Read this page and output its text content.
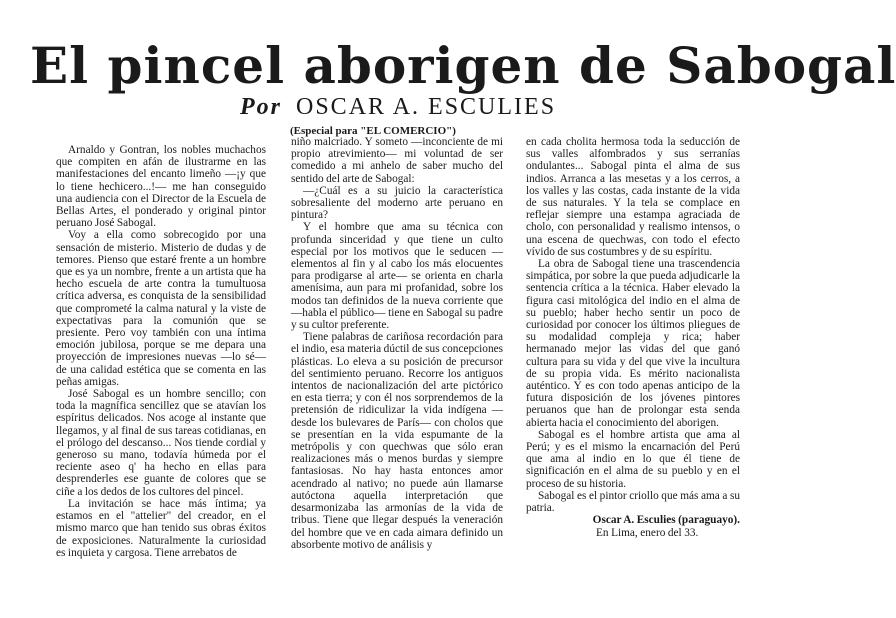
El pincel aborigen de Sabogal
Por OSCAR A. ESCULIES
(Especial para "EL COMERCIO")

Arnaldo y Gontran, los nobles muchachos que compiten en afán de ilustrarme en las manifestaciones del encanto limeño —¡y que lo tiene hechicero...!— me han conseguido una audiencia con el Director de la Escuela de Bellas Artes, el ponderado y original pintor peruano José Sabogal.

Voy a ella como sobrecogido por una sensación de misterio. Misterio de dudas y de temores. Pienso que estaré frente a un hombre que es ya un nombre, frente a un artista que ha hecho escuela de arte contra la tumultuosa crítica adversa, es conquista de la sensibilidad que comprometé la calma natural y la viste de expectativas para la comunión que se presiente. Pero voy también con una íntima emoción jubilosa, porque se me depara una proyección de impresiones nuevas —lo sé— de una calidad estética que se comenta en las peñas amigas.

José Sabogal es un hombre sencillo; con toda la magnífica sencillez que se atavían los espíritus delicados. Nos acoge al instante que llegamos, y al final de sus tareas cotidianas, en el prólogo del descanso... Nos tiende cordial y generoso su mano, todavía húmeda por el reciente aseo q' ha hecho en ellas para desprenderles ese guante de colores que se ciñe a los dedos de los cultores del pincel.

La invitación se hace más íntima; ya estamos en el "attelier" del creador, en el mismo marco que han tenido sus obras éxitos de exposiciones. Naturalmente la curiosidad es inquieta y cargosa. Tiene arrebatos de

niño malcriado. Y someto —inconciente de mi propio atrevimiento— mi voluntad de ser comedido a mi anhelo de saber mucho del sentido del arte de Sabogal:

—¿Cuál es a su juicio la característica sobresaliente del moderno arte peruano en pintura?

Y el hombre que ama su técnica con profunda sinceridad y que tiene un culto especial por los motivos que le seducen —elementos al fin y al cabo los más elocuentes para prodigarse al arte— se orienta en charla amenísima, aun para mi profanidad, sobre los modos tan definidos de la nueva corriente que —habla el público— tiene en Sabogal su padre y su cultor preferente.

Tiene palabras de cariñosa recordación para el indio, esa materia dúctil de sus concepciones plásticas. Lo eleva a su posición de precursor del sentimiento peruano. Recorre los antiguos intentos de nacionalización del arte pictórico en esta tierra; y con él nos sorprendemos de la pretensión de ridiculizar la vida indígena —desde los bulevares de París— con cholos que se presentían en la vida espumante de la metrópolis y con quechwas que sólo eran realizaciones más o menos burdas y siempre fantasiosas. No hay hasta entonces amor acendrado al nativo; no puede aún llamarse autóctona aquella interpretación que desarmonizaba las armonías de la vida de tribus. Tiene que llegar después la veneración del hombre que ve en cada aimara definido un absorbente motivo de análisis y

en cada cholita hermosa toda la seducción de sus valles alfombrados y sus serranías ondulantes... Sabogal pinta el alma de sus indios. Arranca a las mesetas y a los cerros, a los valles y las costas, cada instante de la vida de sus naturales. Y la tela se complace en reflejar siempre una estampa agraciada de cholo, con personalidad y realismo intensos, o una escena de quechwas, con todo el efecto vívido de sus costumbres y de su espíritu.

La obra de Sabogal tiene una trascendencia simpática, por sobre la que pueda adjudicarle la sentencia crítica a la técnica. Haber elevado la figura casi mitológica del indio en el alma de su pueblo; haber hecho sentir un poco de curiosidad por conocer los últimos pliegues de su modalidad compleja y rica; haber hermanado mejor las vidas del que ganó cultura para su vida y del que vive la incultura de su propia vida. Es mérito nacionalista auténtico. Y es con todo apenas anticipo de la futura disposición de los jóvenes pintores peruanos que han de prolongar esta senda abierta hacia el conocimiento del aborigen.

Sabogal es el hombre artista que ama al Perú; y es el mismo la encarnación del Perú que ama al indio en lo que él tiene de significación en el alma de su pueblo y en el proceso de su historia.

Sabogal es el pintor criollo que más ama a su patria.

Oscar A. Esculies (paraguayo).

En Lima, enero del 33.
